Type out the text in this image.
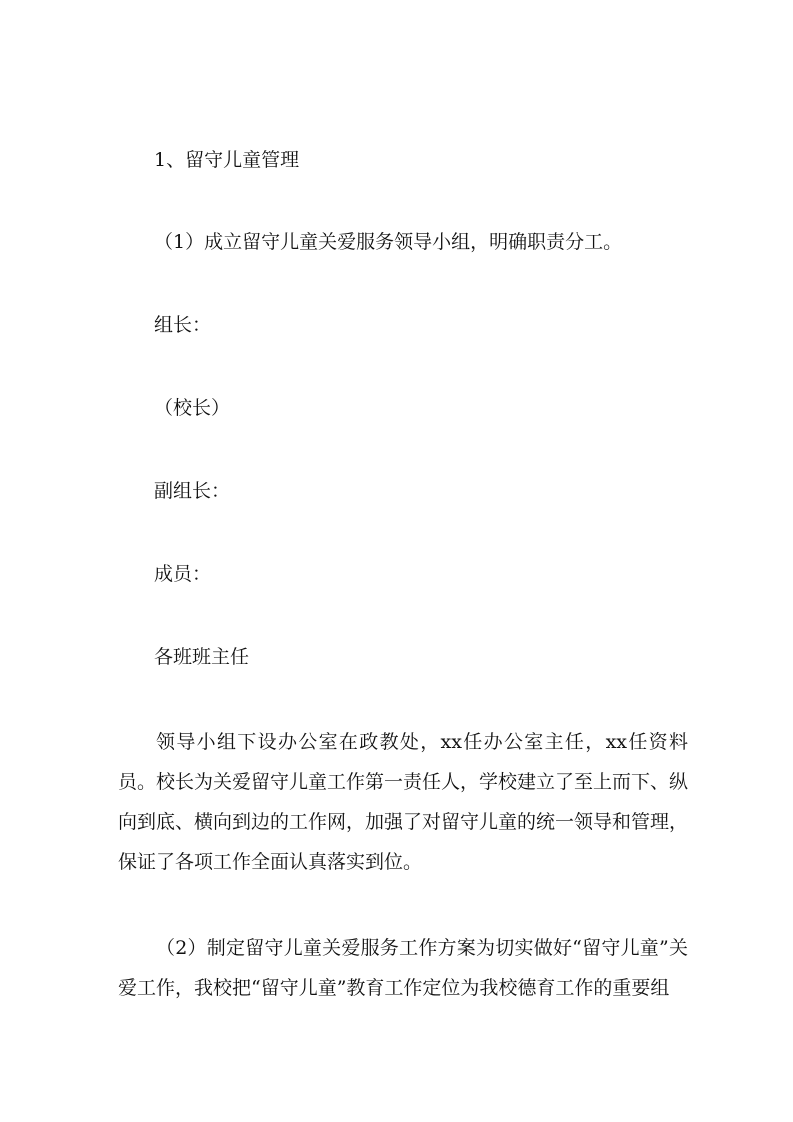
1、留守儿童管理
（1）成立留守儿童关爱服务领导小组，明确职责分工。
组长：
（校长）
副组长：
成员：
各班班主任
领导小组下设办公室在政教处，xx任办公室主任，xx任资料员。校长为关爱留守儿童工作第一责任人，学校建立了至上而下、纵向到底、横向到边的工作网，加强了对留守儿童的统一领导和管理，保证了各项工作全面认真落实到位。
（2）制定留守儿童关爱服务工作方案为切实做好“留守儿童”关爱工作，我校把“留守儿童”教育工作定位为我校德育工作的重要组
